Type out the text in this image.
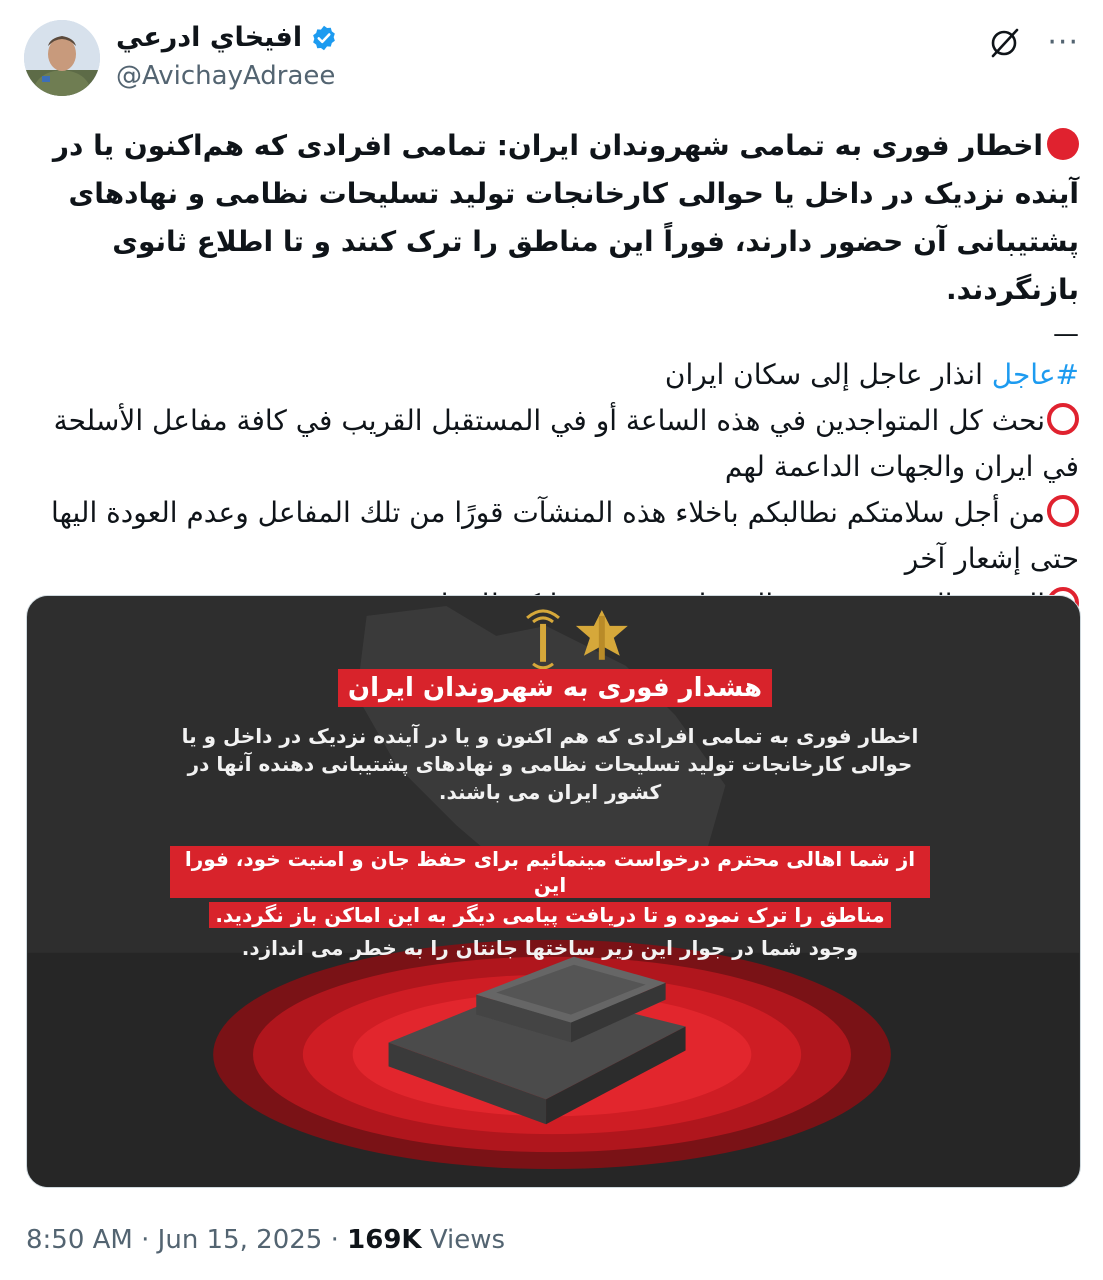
افيخاي ادرعي
@AvichayAdraee
···

اخطار فوری به تمامی شهروندان ایران: تمامی افرادی که هم‌اکنون یا در آینده نزدیک در داخل یا حوالی کارخانجات تولید تسلیحات نظامی و نهادهای پشتیبانی آن حضور دارند، فوراً این مناطق را ترک کنند و تا اطلاع ثانوی بازنگردند.

—

#عاجل انذار عاجل إلى سكان ايران

نحث كل المتواجدين في هذه الساعة أو في المستقبل القريب في كافة مفاعل الأسلحة في ايران والجهات الداعمة لهم

من أجل سلامتكم نطالبكم باخلاء هذه المنشآت قورًا من تلك المفاعل وعدم العودة اليها حتى إشعار آخر

هشدار فوری به شهروندان ایران
اخطار فوری به تمامی افرادی که هم اکنون و یا در آینده نزدیک در داخل و یا حوالی کارخانجات تولید تسلیحات نظامی و نهادهای پشتیبانی دهنده آنها در کشور ایران می باشند.
از شما اهالی محترم درخواست مینمائیم برای حفظ جان و امنیت خود، فورا این
مناطق را ترک نموده و تا دریافت پیامی دیگر به این اماکن باز نگردید.
وجود شما در جوار این زیر ساختها جانتان را به خطر می اندازد.
8:50 AM · Jun 15, 2025 · 169K Views
